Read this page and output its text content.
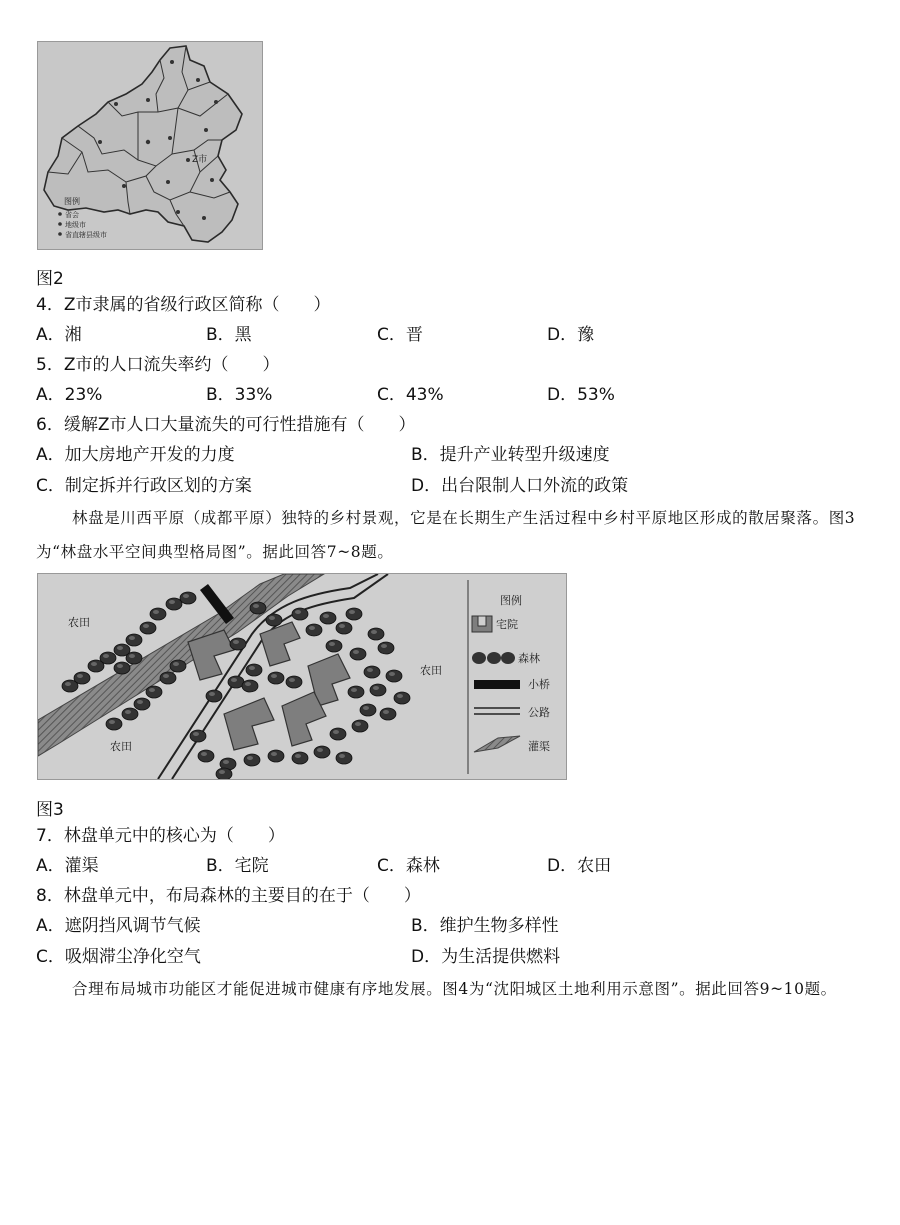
Z市
图例
省会
地级市
省直辖县级市
图2
4．Z市隶属的省级行政区简称（　　）
A．湘	B．黑	C．晋	D．豫
5．Z市的人口流失率约（　　）
A．23%	B．33%	C．43%	D．53%
6．缓解Z市人口大量流失的可行性措施有（　　）
A．加大房地产开发的力度	B．提升产业转型升级速度
C．制定拆并行政区划的方案	D．出台限制人口外流的政策
林盘是川西平原（成都平原）独特的乡村景观，它是在长期生产生活过程中乡村平原地区形成的散居聚落。图3为“林盘水平空间典型格局图”。据此回答7~8题。
农田
农田
农田
图例
宅院
森林
小桥
公路
灌渠
图3
7．林盘单元中的核心为（　　）
A．灌渠	B．宅院	C．森林	D．农田
8．林盘单元中，布局森林的主要目的在于（　　）
A．遮阴挡风调节气候	B．维护生物多样性
C．吸烟滞尘净化空气	D．为生活提供燃料
合理布局城市功能区才能促进城市健康有序地发展。图4为“沈阳城区土地利用示意图”。据此回答9~10题。
